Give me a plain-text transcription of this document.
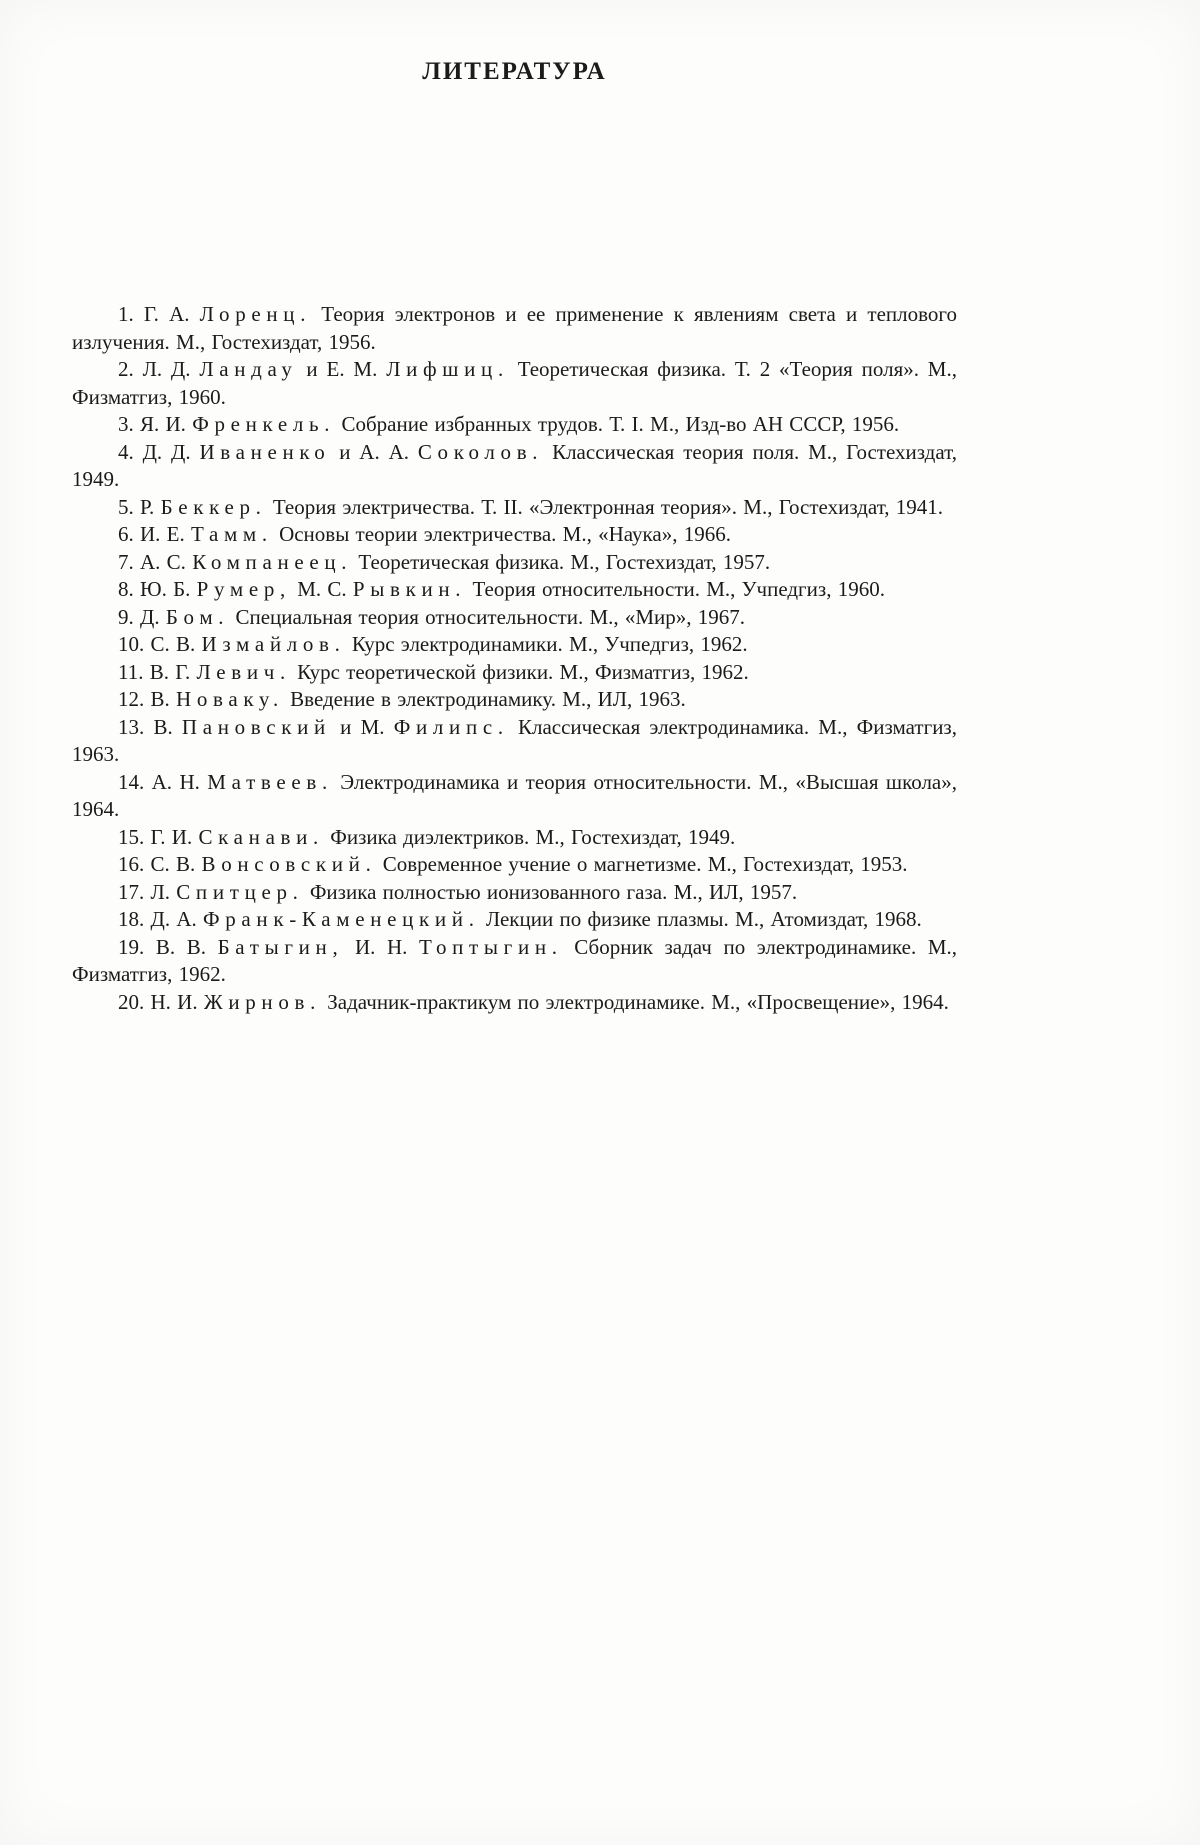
ЛИТЕРАТУРА

1. Г. А. Лоренц. Теория электронов и ее применение к явлениям света и теплового излучения. М., Гостехиздат, 1956.

2. Л. Д. Ландау и Е. М. Лифшиц. Теоретическая физика. Т. 2 «Теория поля». М., Физматгиз, 1960.

3. Я. И. Френкель. Собрание избранных трудов. Т. I. М., Изд-во АН СССР, 1956.

4. Д. Д. Иваненко и А. А. Соколов. Классическая теория поля. М., Гостехиздат, 1949.

5. Р. Беккер. Теория электричества. Т. II. «Электронная теория». М., Гостехиздат, 1941.

6. И. Е. Тамм. Основы теории электричества. М., «Наука», 1966.

7. А. С. Компанеец. Теоретическая физика. М., Гостехиздат, 1957.

8. Ю. Б. Румер, М. С. Рывкин. Теория относительности. М., Учпедгиз, 1960.

9. Д. Бом. Специальная теория относительности. М., «Мир», 1967.

10. С. В. Измайлов. Курс электродинамики. М., Учпедгиз, 1962.

11. В. Г. Левич. Курс теоретической физики. М., Физматгиз, 1962.

12. В. Новаку. Введение в электродинамику. М., ИЛ, 1963.

13. В. Пановский и М. Филипс. Классическая электродинамика. М., Физматгиз, 1963.

14. А. Н. Матвеев. Электродинамика и теория относительности. М., «Высшая школа», 1964.

15. Г. И. Сканави. Физика диэлектриков. М., Гостехиздат, 1949.

16. С. В. Вонсовский. Современное учение о магнетизме. М., Гостехиздат, 1953.

17. Л. Спитцер. Физика полностью ионизованного газа. М., ИЛ, 1957.

18. Д. А. Франк-Каменецкий. Лекции по физике плазмы. М., Атомиздат, 1968.

19. В. В. Батыгин, И. Н. Топтыгин. Сборник задач по электродинамике. М., Физматгиз, 1962.

20. Н. И. Жирнов. Задачник-практикум по электродинамике. М., «Просвещение», 1964.
